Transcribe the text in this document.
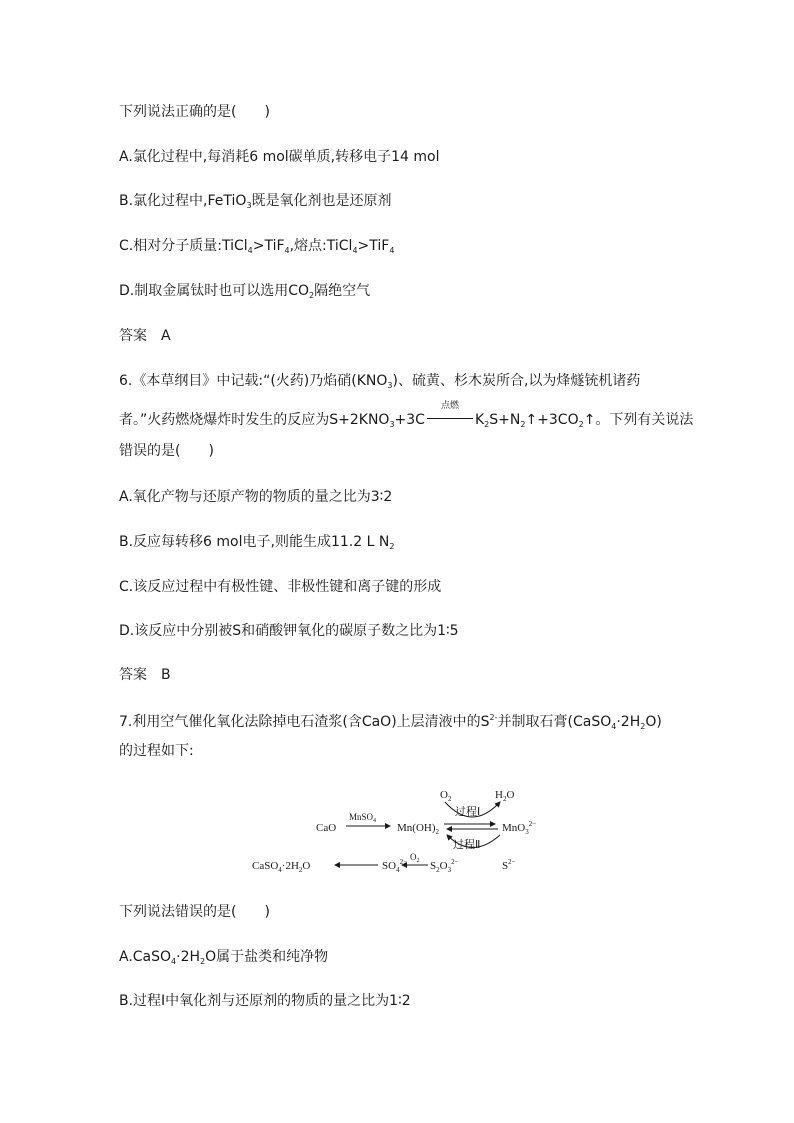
下列说法正确的是(　　)
A.氯化过程中,每消耗6 mol碳单质,转移电子14 mol
B.氯化过程中,FeTiO$_3$既是氧化剂也是还原剂
C.相对分子质量:TiCl$_4$>TiF$_4$,熔点:TiCl$_4$>TiF$_4$
D.制取金属钛时也可以选用$CO_2$隔绝空气
答案　A
6.《本草纲目》中记载:“(火药)乃焰硝$(KNO_3)$、硫黄、杉木炭所合,以为烽燧铳机诸药
者。”火药燃烧爆炸时发生的反应为$S+2KNO_3+3C$
点燃
$K_2S+N_2↑+3CO_2↑$。下列有关说法
错误的是(　　)
A.氧化产物与还原产物的物质的量之比为3∶2
B.反应每转移6 mol电子,则能生成11.2 L $N_2$
C.该反应过程中有极性键、非极性键和离子键的形成
D.该反应中分别被S和硝酸钾氧化的碳原子数之比为1∶5
答案　B
7.利用空气催化氧化法除掉电石渣浆(含CaO)上层清液中的$S^{2-}$并制取石膏$(CaSO_4\cdot 2H_2O)$
的过程如下:
$O_2$	$H_2O$
过程Ⅰ
CaO
MnSO$_4$
$Mn(OH)_2$	MnO$_3^{2-}$
过程Ⅱ
$CaSO_4\cdot 2H_2O$	$SO_4^{2-}$ $O_2$ $S_2O_3^{2-}$	$S^{2-}$
下列说法错误的是(　　)
$A.CaSO_4\cdot 2H_2O$属于盐类和纯净物
B.过程Ⅰ中氧化剂与还原剂的物质的量之比为1∶2
